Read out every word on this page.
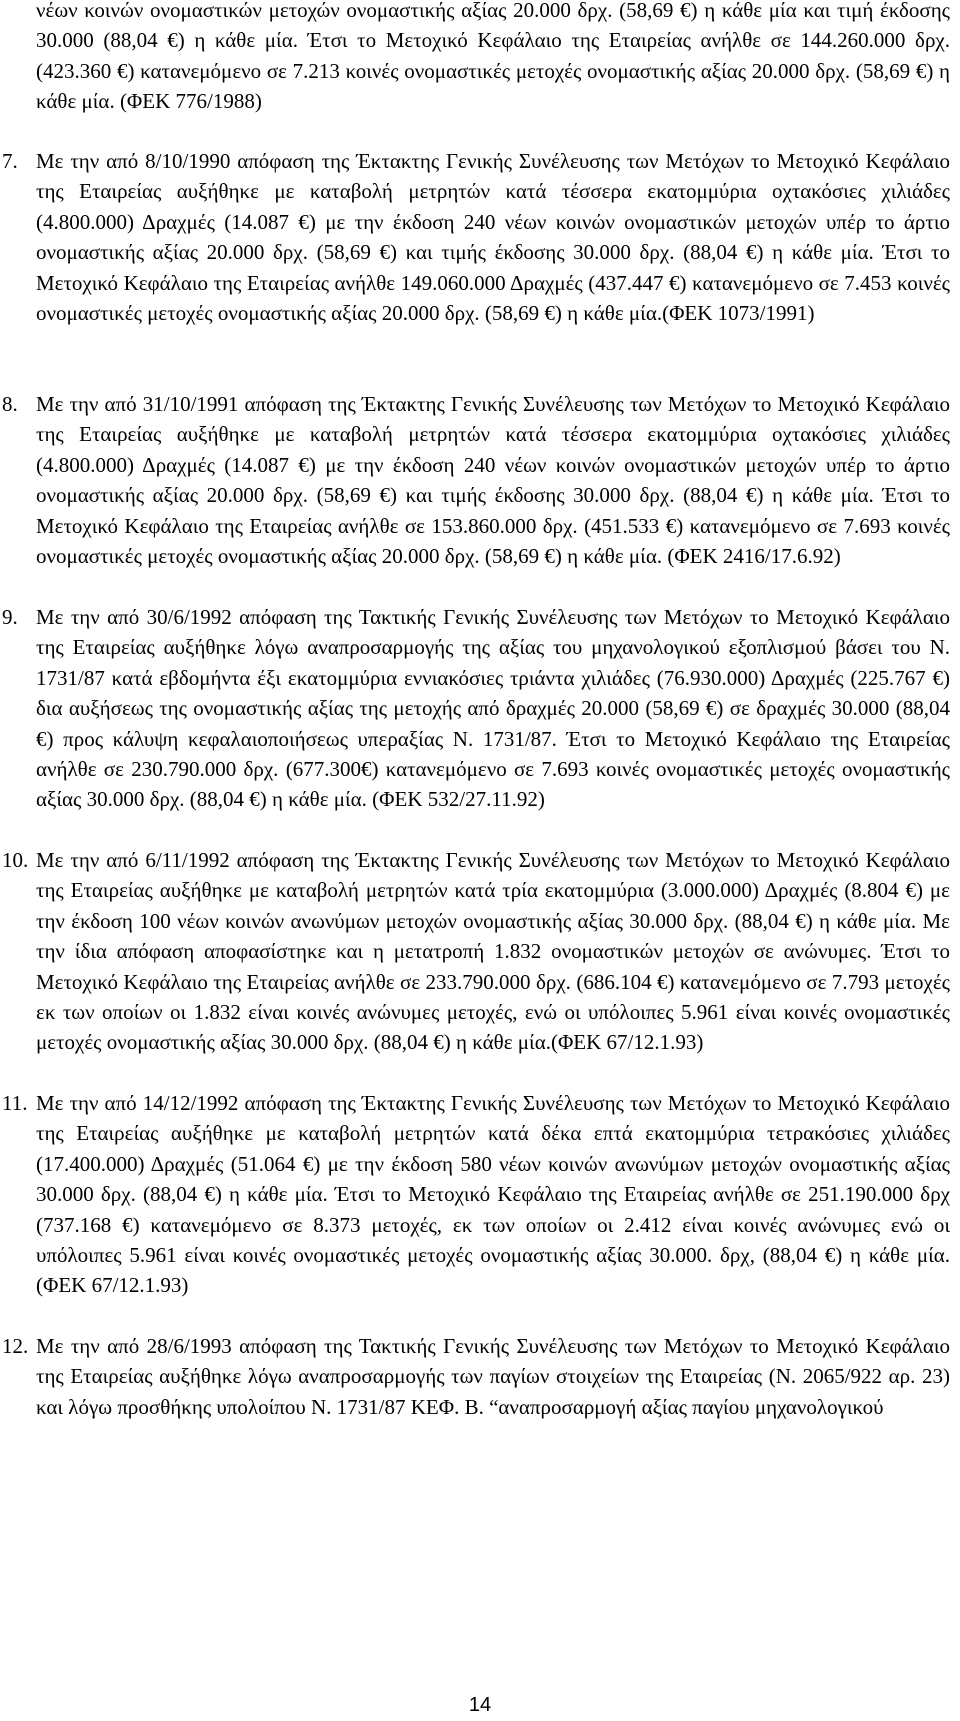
νέων κοινών ονομαστικών μετοχών ονομαστικής αξίας 20.000 δρχ. (58,69 €) η κάθε μία και τιμή έκδοσης 30.000 (88,04 €) η κάθε μία. Έτσι το Μετοχικό Κεφάλαιο της Εταιρείας ανήλθε σε 144.260.000 δρχ. (423.360 €) κατανεμόμενο σε 7.213 κοινές ονομαστικές μετοχές ονομαστικής αξίας 20.000 δρχ. (58,69 €) η κάθε μία. (ΦΕΚ 776/1988)
7. Με την από 8/10/1990 απόφαση της Έκτακτης Γενικής Συνέλευσης των Μετόχων το Μετοχικό Κεφάλαιο της Εταιρείας αυξήθηκε με καταβολή μετρητών κατά τέσσερα εκατομμύρια οχτακόσιες χιλιάδες (4.800.000) Δραχμές (14.087 €) με την έκδοση 240 νέων κοινών ονομαστικών μετοχών υπέρ το άρτιο ονομαστικής αξίας 20.000 δρχ. (58,69 €) και τιμής έκδοσης 30.000 δρχ. (88,04 €) η κάθε μία. Έτσι το Μετοχικό Κεφάλαιο της Εταιρείας ανήλθε 149.060.000 Δραχμές (437.447 €) κατανεμόμενο σε 7.453 κοινές ονομαστικές μετοχές ονομαστικής αξίας 20.000 δρχ. (58,69 €) η κάθε μία.(ΦΕΚ 1073/1991)
8. Με την από 31/10/1991 απόφαση της Έκτακτης Γενικής Συνέλευσης των Μετόχων το Μετοχικό Κεφάλαιο της Εταιρείας αυξήθηκε με καταβολή μετρητών κατά τέσσερα εκατομμύρια οχτακόσιες χιλιάδες (4.800.000) Δραχμές (14.087 €) με την έκδοση 240 νέων κοινών ονομαστικών μετοχών υπέρ το άρτιο ονομαστικής αξίας 20.000 δρχ. (58,69 €) και τιμής έκδοσης 30.000 δρχ. (88,04 €) η κάθε μία. Έτσι το Μετοχικό Κεφάλαιο της Εταιρείας ανήλθε σε 153.860.000 δρχ. (451.533 €) κατανεμόμενο σε 7.693 κοινές ονομαστικές μετοχές ονομαστικής αξίας 20.000 δρχ. (58,69 €) η κάθε μία. (ΦΕΚ 2416/17.6.92)
9. Με την από 30/6/1992 απόφαση της Τακτικής Γενικής Συνέλευσης των Μετόχων το Μετοχικό Κεφάλαιο της Εταιρείας αυξήθηκε λόγω αναπροσαρμογής της αξίας του μηχανολογικού εξοπλισμού βάσει του Ν. 1731/87 κατά εβδομήντα έξι εκατομμύρια εννιακόσιες τριάντα χιλιάδες (76.930.000) Δραχμές (225.767 €) δια αυξήσεως της ονομαστικής αξίας της μετοχής από δραχμές 20.000 (58,69 €) σε δραχμές 30.000 (88,04 €) προς κάλυψη κεφαλαιοποιήσεως υπεραξίας Ν. 1731/87. Έτσι το Μετοχικό Κεφάλαιο της Εταιρείας ανήλθε σε 230.790.000 δρχ. (677.300€) κατανεμόμενο σε 7.693 κοινές ονομαστικές μετοχές ονομαστικής αξίας 30.000 δρχ. (88,04 €) η κάθε μία. (ΦΕΚ 532/27.11.92)
10. Με την από 6/11/1992 απόφαση της Έκτακτης Γενικής Συνέλευσης των Μετόχων το Μετοχικό Κεφάλαιο της Εταιρείας αυξήθηκε με καταβολή μετρητών κατά τρία εκατομμύρια (3.000.000) Δραχμές (8.804 €) με την έκδοση 100 νέων κοινών ανωνύμων μετοχών ονομαστικής αξίας 30.000 δρχ. (88,04 €) η κάθε μία. Με την ίδια απόφαση αποφασίστηκε και η μετατροπή 1.832 ονομαστικών μετοχών σε ανώνυμες. Έτσι το Μετοχικό Κεφάλαιο της Εταιρείας ανήλθε σε 233.790.000 δρχ. (686.104 €) κατανεμόμενο σε 7.793 μετοχές εκ των οποίων οι 1.832 είναι κοινές ανώνυμες μετοχές, ενώ οι υπόλοιπες 5.961 είναι κοινές ονομαστικές μετοχές ονομαστικής αξίας 30.000 δρχ. (88,04 €) η κάθε μία.(ΦΕΚ 67/12.1.93)
11. Με την από 14/12/1992 απόφαση της Έκτακτης Γενικής Συνέλευσης των Μετόχων το Μετοχικό Κεφάλαιο της Εταιρείας αυξήθηκε με καταβολή μετρητών κατά δέκα επτά εκατομμύρια τετρακόσιες χιλιάδες (17.400.000) Δραχμές (51.064 €) με την έκδοση 580 νέων κοινών ανωνύμων μετοχών ονομαστικής αξίας 30.000 δρχ. (88,04 €) η κάθε μία. Έτσι το Μετοχικό Κεφάλαιο της Εταιρείας ανήλθε σε 251.190.000 δρχ (737.168 €) κατανεμόμενο σε 8.373 μετοχές, εκ των οποίων οι 2.412 είναι κοινές ανώνυμες ενώ οι υπόλοιπες 5.961 είναι κοινές ονομαστικές μετοχές ονομαστικής αξίας 30.000. δρχ, (88,04 €) η κάθε μία. (ΦΕΚ 67/12.1.93)
12. Με την από 28/6/1993 απόφαση της Τακτικής Γενικής Συνέλευσης των Μετόχων το Μετοχικό Κεφάλαιο της Εταιρείας αυξήθηκε λόγω αναπροσαρμογής των παγίων στοιχείων της Εταιρείας (Ν. 2065/922 αρ. 23) και λόγω προσθήκης υπολοίπου Ν. 1731/87 ΚΕΦ. Β. “αναπροσαρμογή αξίας παγίου μηχανολογικού
14
